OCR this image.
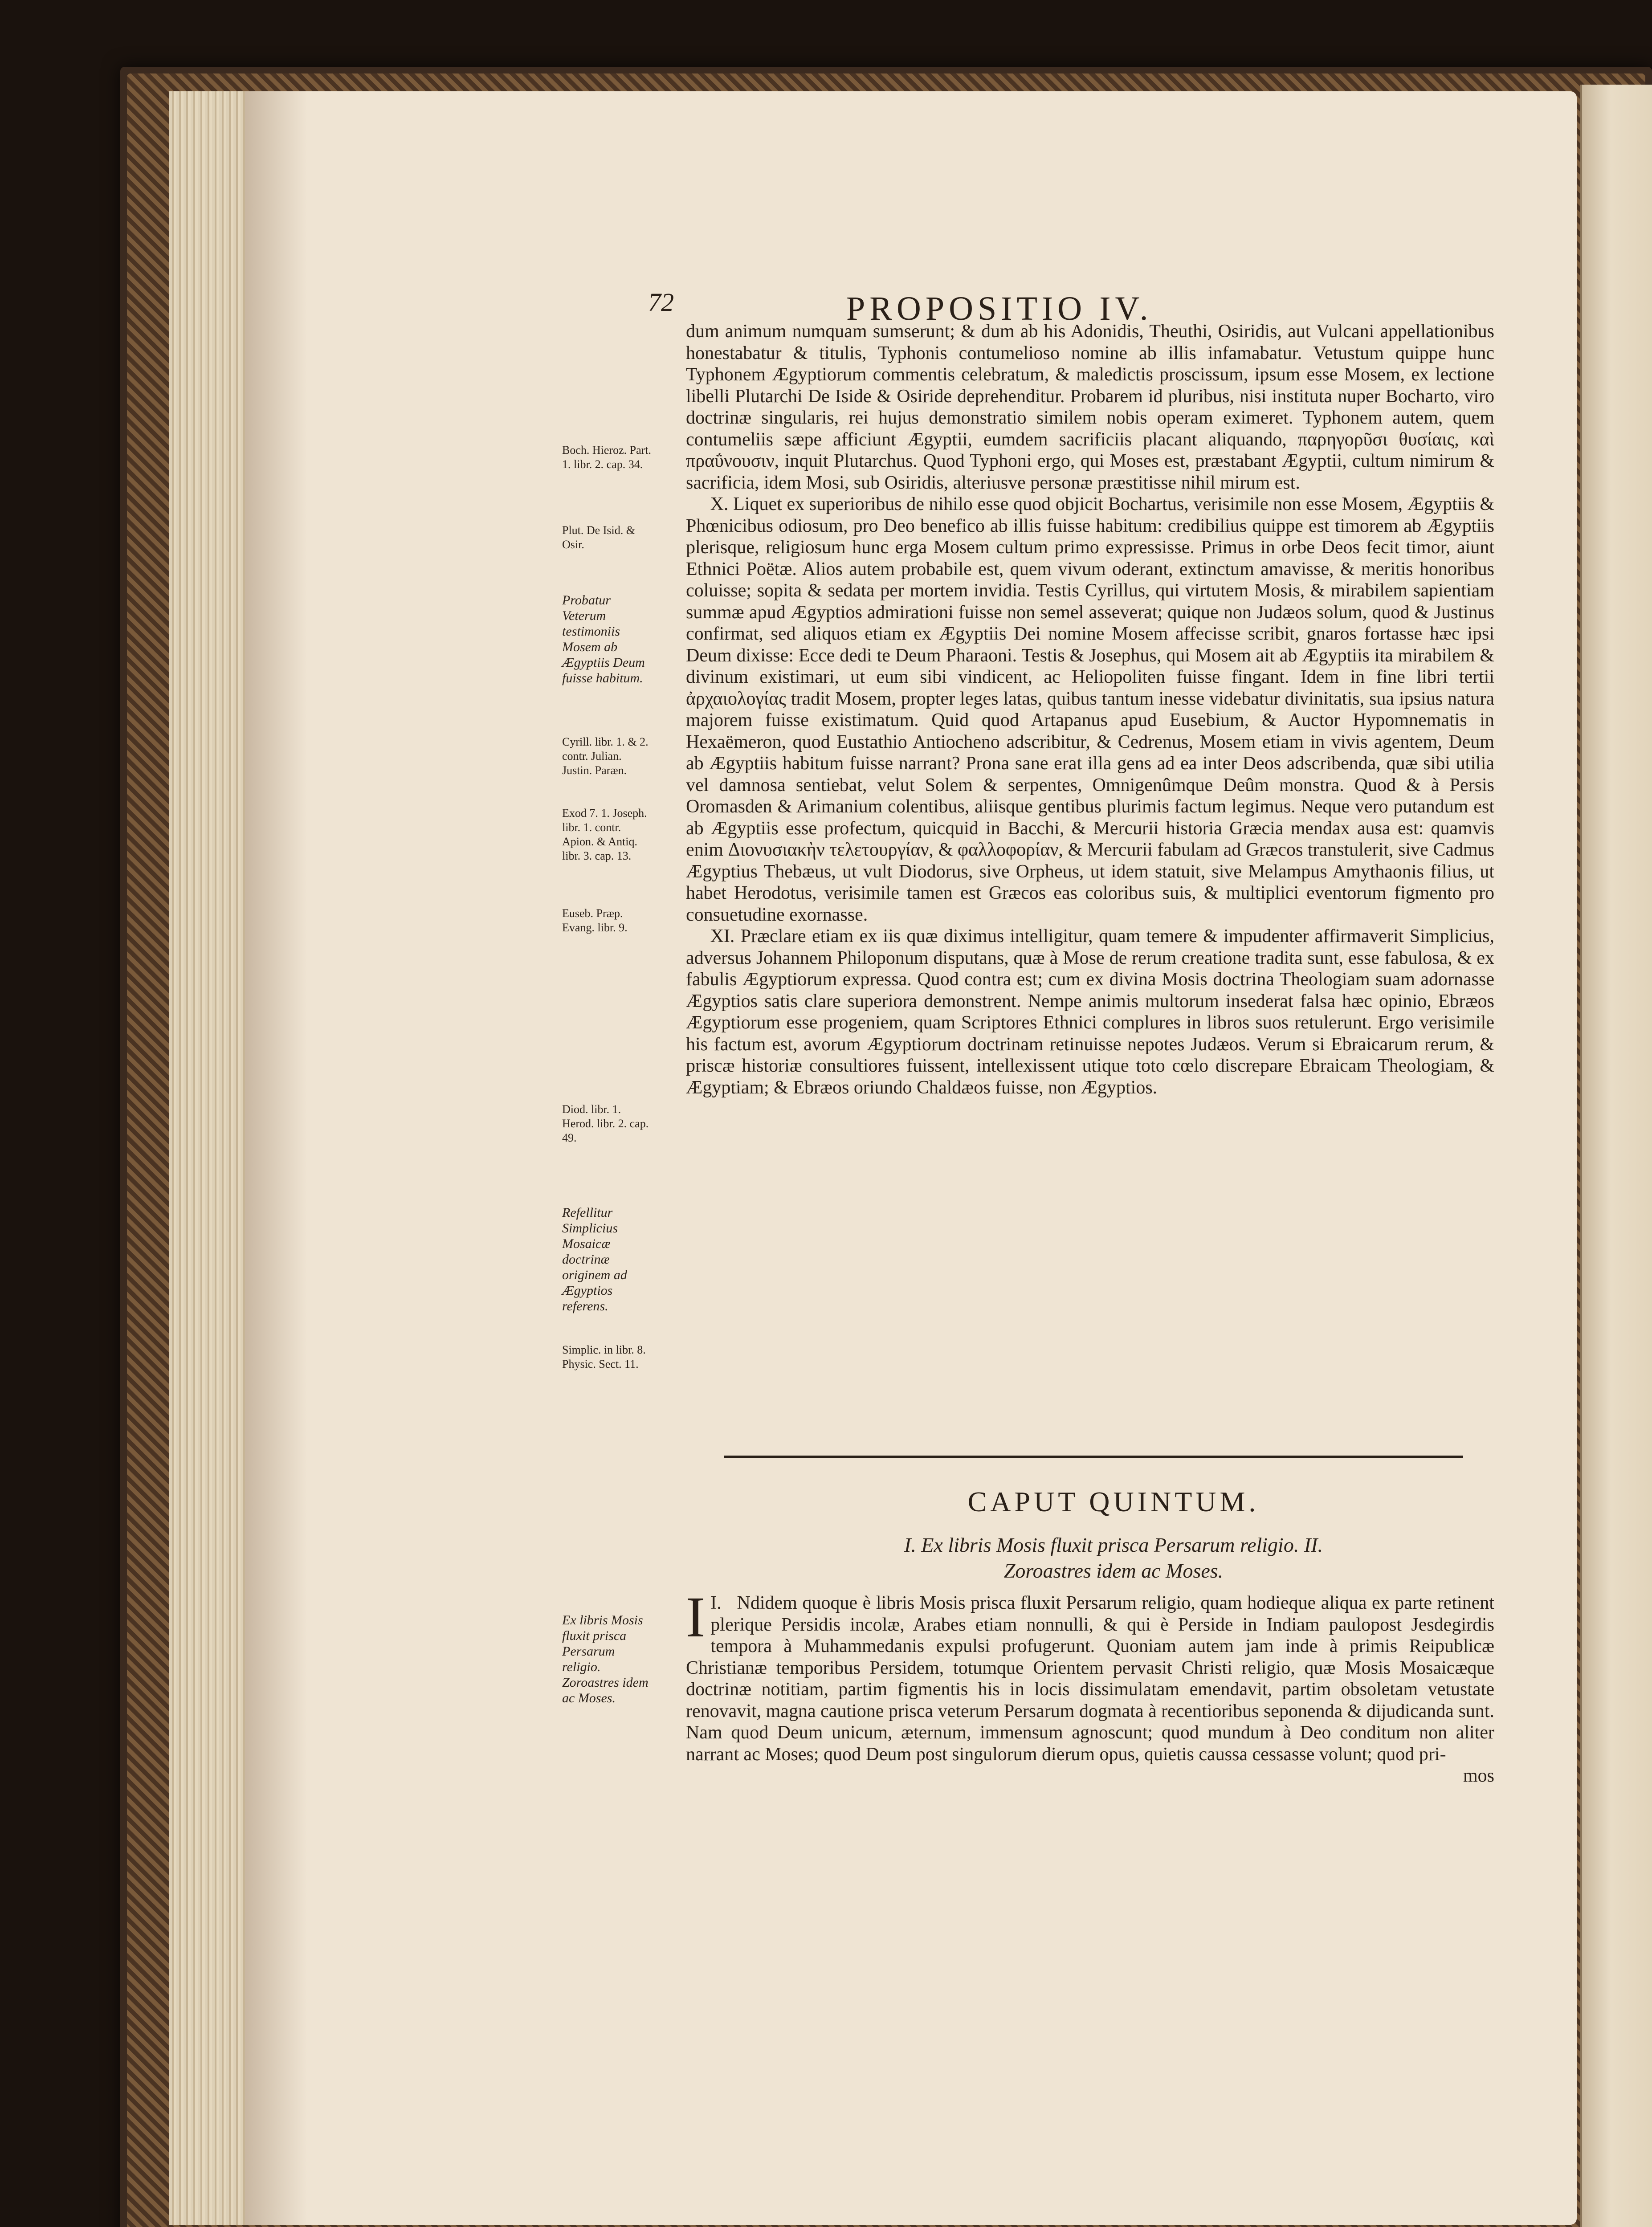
72	PROPOSITIO IV.
Boch. Hieroz. Part. 1. libr. 2. cap. 34.
Plut. De Isid. & Osir.
Probatur Veterum testimoniis Mosem ab Ægyptiis Deum fuisse habitum.
Cyrill. libr. 1. & 2. contr. Julian. Justin. Paræn.
Exod 7. 1. Joseph. libr. 1. contr. Apion. & Antiq. libr. 3. cap. 13.
Euseb. Præp. Evang. libr. 9.
Diod. libr. 1. Herod. libr. 2. cap. 49.
Refellitur Simplicius Mosaicæ doctrinæ originem ad Ægyptios referens.
Simplic. in libr. 8. Physic. Sect. 11.
Ex libris Mosis fluxit prisca Persarum religio. Zoroastres idem ac Moses.

dum animum numquam sumserunt; & dum ab his Adonidis, Theuthi, Osiridis, aut Vulcani appellationibus honestabatur & titulis, Typhonis contumelioso nomine ab illis infamabatur. Vetustum quippe hunc Typhonem Ægyptiorum commentis celebratum, & maledictis proscissum, ipsum esse Mosem, ex lectione libelli Plutarchi De Iside & Osiride deprehenditur. Probarem id pluribus, nisi instituta nuper Bocharto, viro doctrinæ singularis, rei hujus demonstratio similem nobis operam eximeret. Typhonem autem, quem contumeliis sæpe afficiunt Ægyptii, eumdem sacrificiis placant aliquando, παρηγορῦσι θυσίαις, καὶ πραΰνουσιν, inquit Plutarchus. Quod Typhoni ergo, qui Moses est, præstabant Ægyptii, cultum nimirum & sacrificia, idem Mosi, sub Osiridis, alteriusve personæ præstitisse nihil mirum est.

X. Liquet ex superioribus de nihilo esse quod objicit Bochartus, verisimile non esse Mosem, Ægyptiis & Phœnicibus odiosum, pro Deo benefico ab illis fuisse habitum: credibilius quippe est timorem ab Ægyptiis plerisque, religiosum hunc erga Mosem cultum primo expressisse. Primus in orbe Deos fecit timor, aiunt Ethnici Poëtæ. Alios autem probabile est, quem vivum oderant, extinctum amavisse, & meritis honoribus coluisse; sopita & sedata per mortem invidia. Testis Cyrillus, qui virtutem Mosis, & mirabilem sapientiam summæ apud Ægyptios admirationi fuisse non semel asseverat; quique non Judæos solum, quod & Justinus confirmat, sed aliquos etiam ex Ægyptiis Dei nomine Mosem affecisse scribit, gnaros fortasse hæc ipsi Deum dixisse: Ecce dedi te Deum Pharaoni. Testis & Josephus, qui Mosem ait ab Ægyptiis ita mirabilem & divinum existimari, ut eum sibi vindicent, ac Heliopoliten fuisse fingant. Idem in fine libri tertii ἀρχαιολογίας tradit Mosem, propter leges latas, quibus tantum inesse videbatur divinitatis, sua ipsius natura majorem fuisse existimatum. Quid quod Artapanus apud Eusebium, & Auctor Hypomnematis in Hexaëmeron, quod Eustathio Antiocheno adscribitur, & Cedrenus, Mosem etiam in vivis agentem, Deum ab Ægyptiis habitum fuisse narrant? Prona sane erat illa gens ad ea inter Deos adscribenda, quæ sibi utilia vel damnosa sentiebat, velut Solem & serpentes, Omnigenûmque Deûm monstra. Quod & à Persis Oromasden & Arimanium colentibus, aliisque gentibus plurimis factum legimus. Neque vero putandum est ab Ægyptiis esse profectum, quicquid in Bacchi, & Mercurii historia Græcia mendax ausa est: quamvis enim Διονυσιακὴν τελετουργίαν, & φαλλοφορίαν, & Mercurii fabulam ad Græcos transtulerit, sive Cadmus Ægyptius Thebæus, ut vult Diodorus, sive Orpheus, ut idem statuit, sive Melampus Amythaonis filius, ut habet Herodotus, verisimile tamen est Græcos eas coloribus suis, & multiplici eventorum figmento pro consuetudine exornasse.

XI. Præclare etiam ex iis quæ diximus intelligitur, quam temere & impudenter affirmaverit Simplicius, adversus Johannem Philoponum disputans, quæ à Mose de rerum creatione tradita sunt, esse fabulosa, & ex fabulis Ægyptiorum expressa. Quod contra est; cum ex divina Mosis doctrina Theologiam suam adornasse Ægyptios satis clare superiora demonstrent. Nempe animis multorum insederat falsa hæc opinio, Ebræos Ægyptiorum esse progeniem, quam Scriptores Ethnici complures in libros suos retulerunt. Ergo verisimile his factum est, avorum Ægyptiorum doctrinam retinuisse nepotes Judæos. Verum si Ebraicarum rerum, & priscæ historiæ consultiores fuissent, intellexissent utique toto cœlo discrepare Ebraicam Theologiam, & Ægyptiam; & Ebræos oriundo Chaldæos fuisse, non Ægyptios.

CAPUT QUINTUM.
I. Ex libris Mosis fluxit prisca Persarum religio. II.
Zoroastres idem ac Moses.

I.
I Ndidem quoque è libris Mosis prisca fluxit Persarum religio, quam hodieque aliqua ex parte retinent plerique Persidis incolæ, Arabes etiam nonnulli, & qui è Perside in Indiam paulopost Jesdegirdis tempora à Muhammedanis expulsi profugerunt. Quoniam autem jam inde à primis Reipublicæ Christianæ temporibus Persidem, totumque Orientem pervasit Christi religio, quæ Mosis Mosaicæque doctrinæ notitiam, partim figmentis his in locis dissimulatam emendavit, partim obsoletam vetustate renovavit, magna cautione prisca veterum Persarum dogmata à recentioribus seponenda & dijudicanda sunt. Nam quod Deum unicum, æternum, immensum agnoscunt; quod mundum à Deo conditum non aliter narrant ac Moses; quod Deum post singulorum dierum opus, quietis caussa cessasse volunt; quod pri-

mos
